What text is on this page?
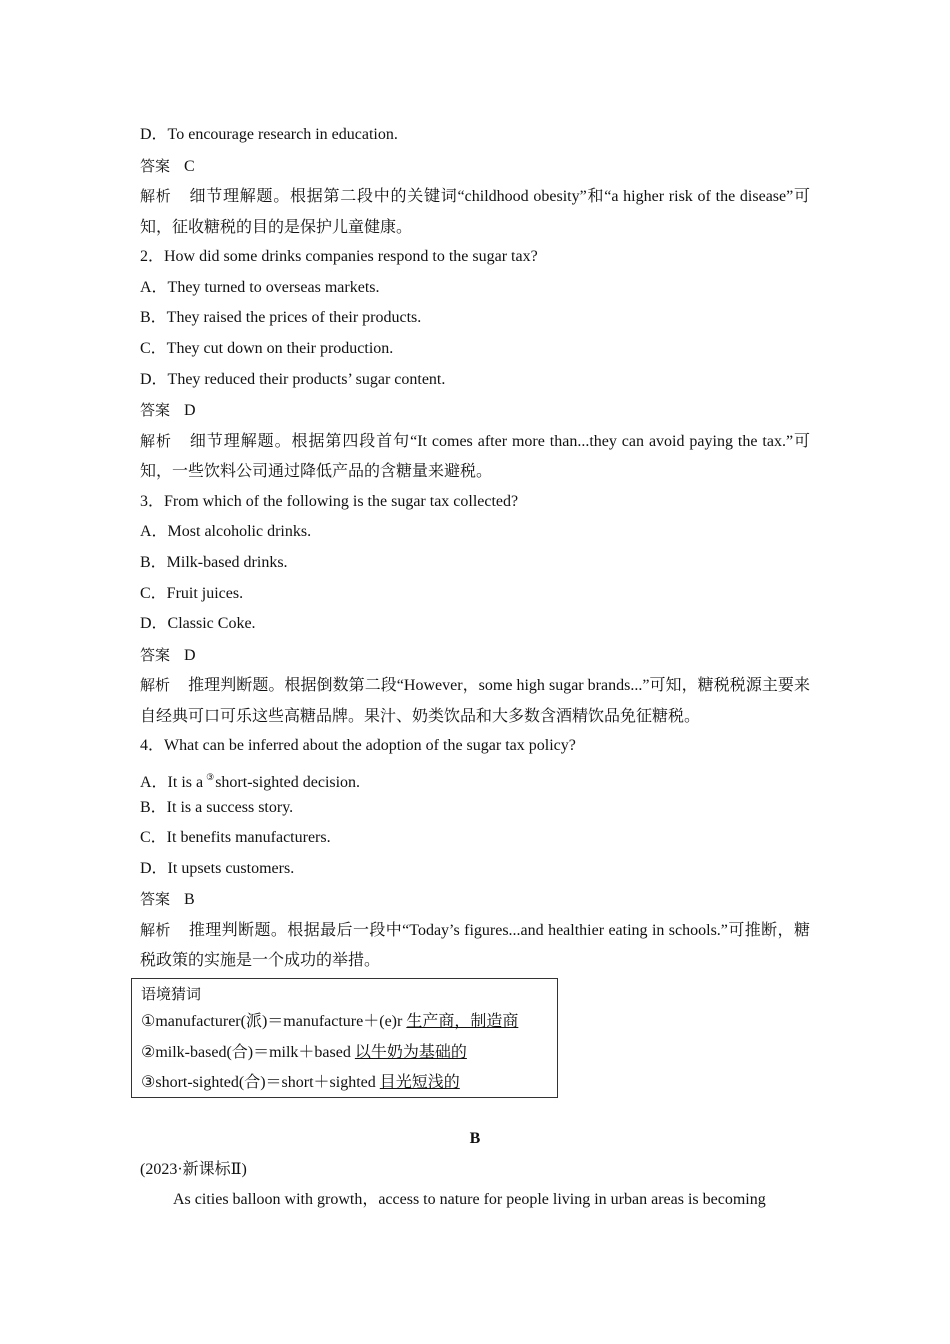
D．To encourage research in education.
答案 C
解析 细节理解题。根据第二段中的关键词“childhood obesity”和“a higher risk of the disease”可知，征收糖税的目的是保护儿童健康。
2．How did some drinks companies respond to the sugar tax?
A．They turned to overseas markets.
B．They raised the prices of their products.
C．They cut down on their production.
D．They reduced their products’ sugar content.
答案 D
解析 细节理解题。根据第四段首句“It comes after more than...they can avoid paying the tax.”可知，一些饮料公司通过降低产品的含糖量来避税。
3．From which of the following is the sugar tax collected?
A．Most alcoholic drinks.
B．Milk-based drinks.
C．Fruit juices.
D．Classic Coke.
答案 D
解析 推理判断题。根据倒数第二段“However，some high sugar brands...”可知，糖税税源主要来自经典可口可乐这些高糖品牌。果汁、奶类饮品和大多数含酒精饮品免征糖税。
4．What can be inferred about the adoption of the sugar tax policy?
A．It is a ③short-sighted decision.
B．It is a success story.
C．It benefits manufacturers.
D．It upsets customers.
答案 B
解析 推理判断题。根据最后一段中“Today’s figures...and healthier eating in schools.”可推断，糖税政策的实施是一个成功的举措。
语境猜词
①manufacturer(派)＝manufacture＋(e)r 生产商，制造商
②milk-based(合)＝milk＋based 以牛奶为基础的
③short-sighted(合)＝short＋sighted 目光短浅的
B
(2023·新课标Ⅱ)
As cities balloon with growth，access to nature for people living in urban areas is becoming
